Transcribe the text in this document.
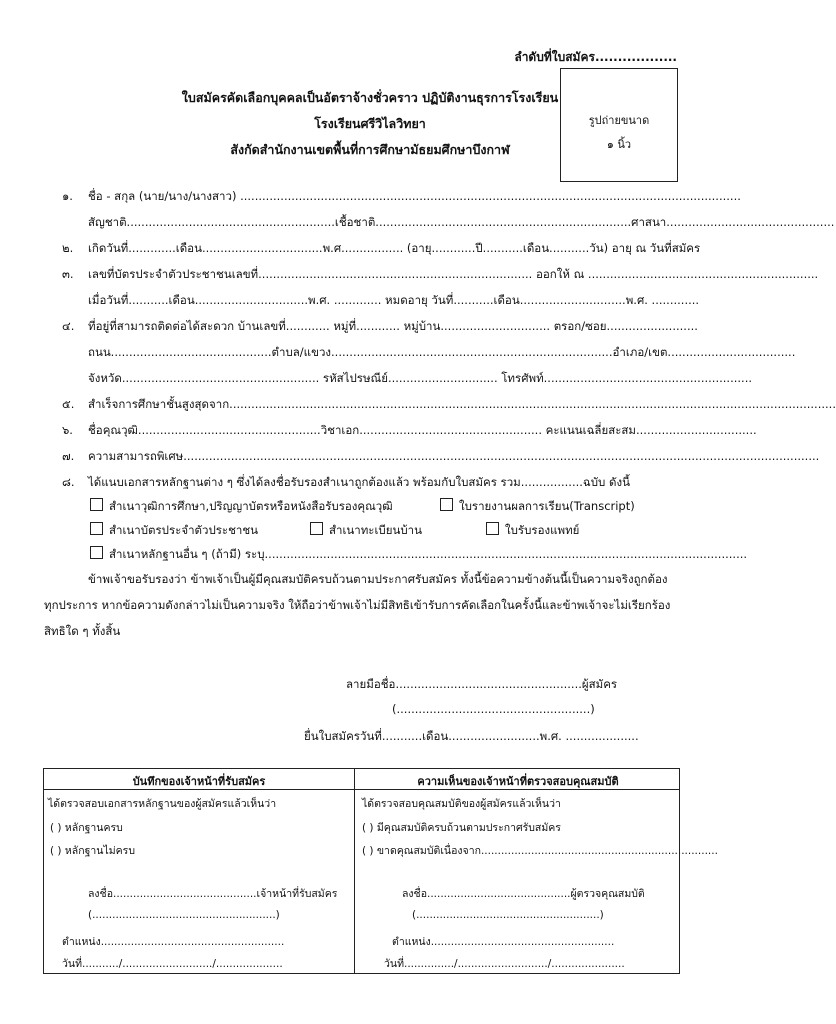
ลำดับที่ใบสมัคร..................
ใบสมัครคัดเลือกบุคคลเป็นอัตราจ้างชั่วคราว ปฏิบัติงานธุรการโรงเรียน
โรงเรียนศรีวิไลวิทยา
สังกัดสำนักงานเขตพื้นที่การศึกษามัธยมศึกษาบึงกาฬ
รูปถ่ายขนาด
๑ นิ้ว
๑. ชื่อ - สกุล (นาย/นาง/นางสาว) .........................................................................................................................................
สัญชาติ.........................................................เชื้อชาติ......................................................................ศาสนา..............................................
๒. เกิดวันที่.............เดือน.................................พ.ศ................. (อายุ............ปี...........เดือน...........วัน) อายุ ณ วันที่สมัคร
๓. เลขที่บัตรประจำตัวประชาชนเลขที่........................................................................... ออกให้ ณ ...............................................................
เมื่อวันที่...........เดือน...............................พ.ศ. ............. หมดอายุ วันที่...........เดือน.............................พ.ศ. .............
๔. ที่อยู่ที่สามารถติดต่อได้สะดวก บ้านเลขที่............ หมู่ที่............ หมู่บ้าน.............................. ตรอก/ซอย.........................
ถนน............................................ตำบล/แขวง.............................................................................อำเภอ/เขต...................................
จังหวัด...................................................... รหัสไปรษณีย์.............................. โทรศัพท์.........................................................
๕. สำเร็จการศึกษาชั้นสูงสุดจาก......................................................................................................................................................................
๖. ชื่อคุณวุฒิ..................................................วิชาเอก.................................................. คะแนนเฉลี่ยสะสม.................................
๗. ความสามารถพิเศษ..............................................................................................................................................................................
๘. ได้แนบเอกสารหลักฐานต่าง ๆ ซึ่งได้ลงชื่อรับรองสำเนาถูกต้องแล้ว พร้อมกับใบสมัคร รวม.................ฉบับ ดังนี้
สำเนาวุฒิการศึกษา,ปริญญาบัตรหรือหนังสือรับรองคุณวุฒิ	ใบรายงานผลการเรียน(Transcript)
สำเนาบัตรประจำตัวประชาชน	สำเนาทะเบียนบ้าน	ใบรับรองแพทย์
สำเนาหลักฐานอื่น ๆ (ถ้ามี) ระบุ....................................................................................................................................
ข้าพเจ้าขอรับรองว่า ข้าพเจ้าเป็นผู้มีคุณสมบัติครบถ้วนตามประกาศรับสมัคร ทั้งนี้ข้อความข้างต้นนี้เป็นความจริงถูกต้องทุกประการ หากข้อความดังกล่าวไม่เป็นความจริง ให้ถือว่าข้าพเจ้าไม่มีสิทธิเข้ารับการคัดเลือกในครั้งนี้และข้าพเจ้าจะไม่เรียกร้องสิทธิใด ๆ ทั้งสิ้น
ลายมือชื่อ...................................................ผู้สมัคร
(.....................................................)
ยื่นใบสมัครวันที่...........เดือน.........................พ.ศ. ....................
บันทึกของเจ้าหน้าที่รับสมัคร	ความเห็นของเจ้าหน้าที่ตรวจสอบคุณสมบัติ
ได้ตรวจสอบเอกสารหลักฐานของผู้สมัครแล้วเห็นว่า
( ) หลักฐานครบ
( ) หลักฐานไม่ครบ
ลงชื่อ...........................................เจ้าหน้าที่รับสมัคร
(.......................................................)
ตำแหน่ง.......................................................
วันที่.........../.........................../....................
ได้ตรวจสอบคุณสมบัติของผู้สมัครแล้วเห็นว่า
( ) มีคุณสมบัติครบถ้วนตามประกาศรับสมัคร
( ) ขาดคุณสมบัติเนื่องจาก.......................................................................
ลงชื่อ...........................................ผู้ตรวจคุณสมบัติ
(.......................................................)
ตำแหน่ง.......................................................
วันที่.............../.........................../......................
